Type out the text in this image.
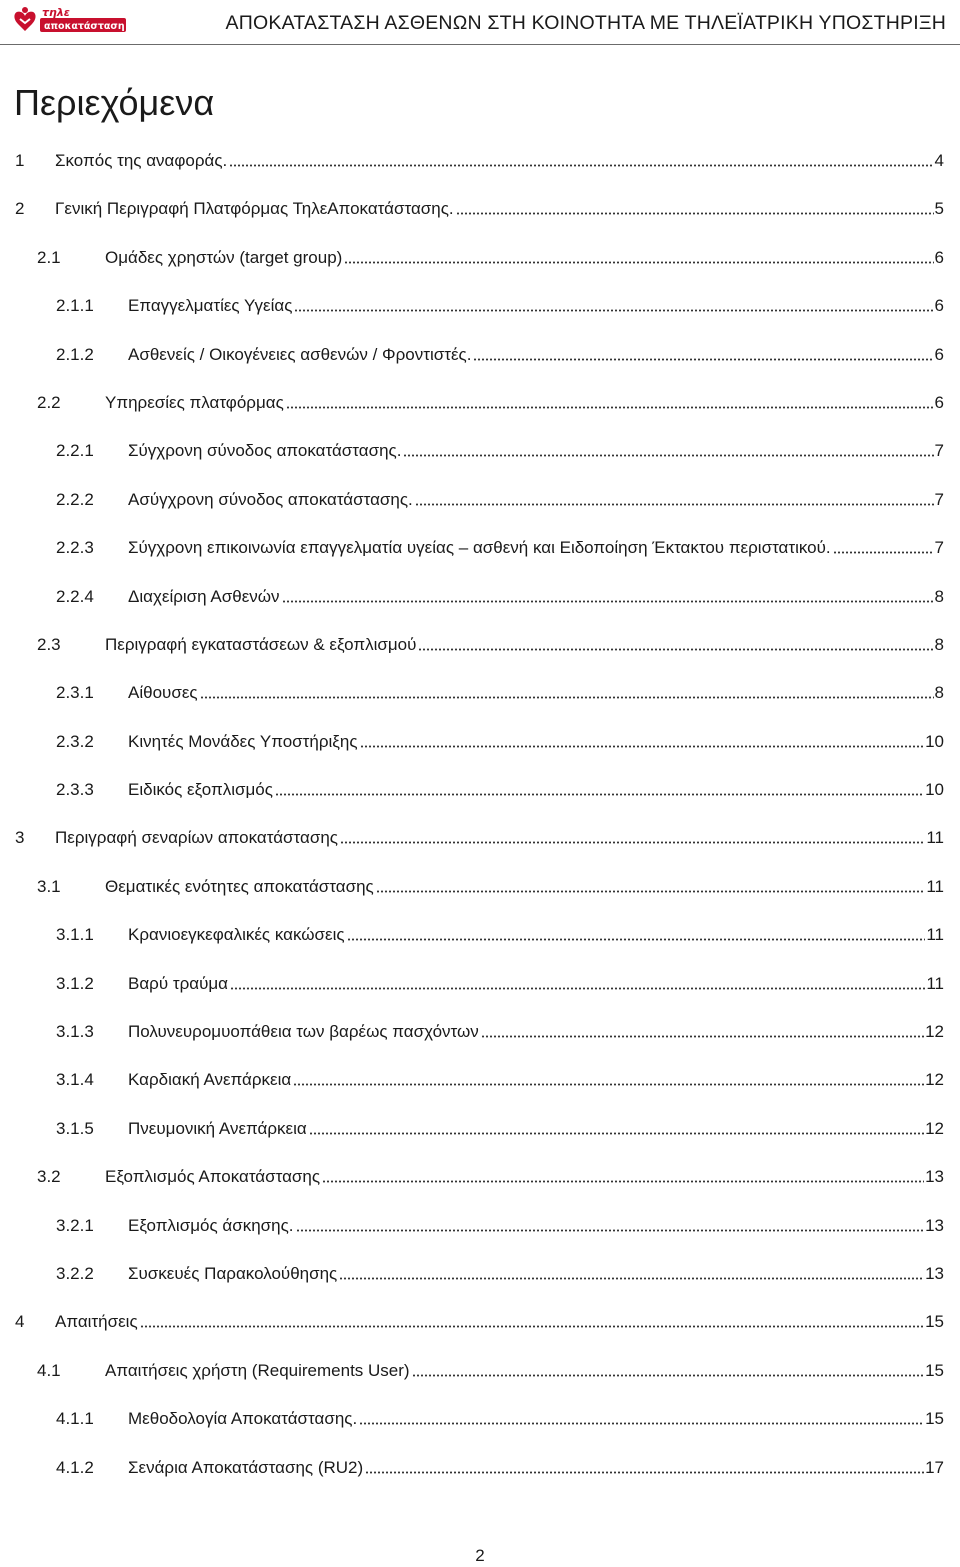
τηλε
αποκατάσταση	ΑΠΟΚΑΤΑΣΤΑΣΗ ΑΣΘΕΝΩΝ ΣΤΗ ΚΟΙΝΟΤΗΤΑ ΜΕ ΤΗΛΕΪΑΤΡΙΚΗ ΥΠΟΣΤΗΡΙΞΗ
Περιεχόμενα
1	Σκοπός της αναφοράς.	4
2	Γενική Περιγραφή Πλατφόρμας ΤηλεΑποκατάστασης.	5
2.1	Ομάδες χρηστών (target group)	6
2.1.1	Επαγγελματίες Υγείας	6
2.1.2	Ασθενείς / Οικογένειες ασθενών / Φροντιστές.	6
2.2	Υπηρεσίες πλατφόρμας	6
2.2.1	Σύγχρονη σύνοδος αποκατάστασης.	7
2.2.2	Ασύγχρονη σύνοδος αποκατάστασης.	7
2.2.3	Σύγχρονη επικοινωνία επαγγελματία υγείας – ασθενή και Ειδοποίηση Έκτακτου περιστατικού.	7
2.2.4	Διαχείριση Ασθενών	8
2.3	Περιγραφή εγκαταστάσεων & εξοπλισμού	8
2.3.1	Αίθουσες	8
2.3.2	Κινητές Μονάδες Υποστήριξης	10
2.3.3	Ειδικός εξοπλισμός	10
3	Περιγραφή σεναρίων αποκατάστασης	11
3.1	Θεματικές ενότητες αποκατάστασης	11
3.1.1	Κρανιοεγκεφαλικές κακώσεις	11
3.1.2	Βαρύ τραύμα	11
3.1.3	Πολυνευρομυοπάθεια των βαρέως πασχόντων	12
3.1.4	Καρδιακή Ανεπάρκεια	12
3.1.5	Πνευμονική Ανεπάρκεια	12
3.2	Εξοπλισμός Αποκατάστασης	13
3.2.1	Εξοπλισμός άσκησης.	13
3.2.2	Συσκευές Παρακολούθησης	13
4	Απαιτήσεις	15
4.1	Απαιτήσεις χρήστη (Requirements User)	15
4.1.1	Μεθοδολογία Αποκατάστασης.	15
4.1.2	Σενάρια Αποκατάστασης (RU2)	17
2
